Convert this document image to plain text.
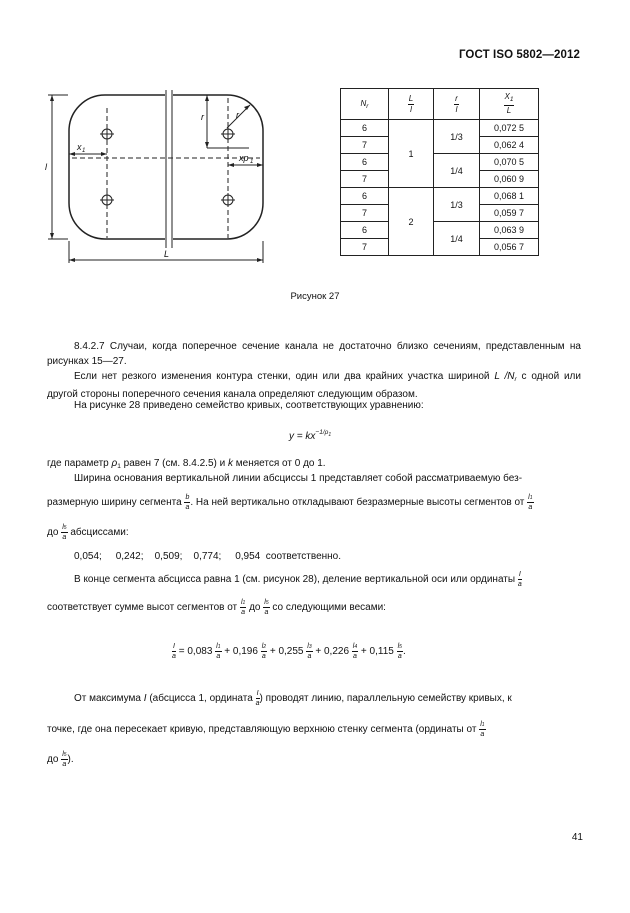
ГОСТ ISO 5802—2012
L
l
x 1
xp 1
r	r
$N_r$	$\frac{L}{l}$	$\frac{r}{l}$	$\frac{X_1}{L}$

6	1	1/3	0,072 5
7			0,062 4
6		1/4	0,070 5
7			0,060 9
6	2	1/3	0,068 1
7			0,059 7
6		1/4	0,063 9
7			0,056 7
Рисунок 27
8.4.2.7 Случаи, когда поперечное сечение канала не достаточно близко сечениям, представленным на рисунках 15—27.
Если нет резкого изменения контура стенки, один или два крайних участка шириной L $/N_r$ с одной или другой стороны поперечного сечения канала определяют следующим образом.
На рисунке 28 приведено семейство кривых, соответствующих уравнению:
$y = kx^{-1/\rho_1}$
где параметр $\rho_1$ равен 7 (см. 8.4.2.5) и k меняется от 0 до 1.
Ширина основания вертикальной линии абсциссы 1 представляет собой рассматриваемую без-
размерную ширину сегмента $\frac{b}{a}$ . На ней вертикально откладывают безразмерные высоты сегментов от $\frac{l1}{a}$
до $\frac{l5}{a}$ абсциссами:
0,054;     0,242;    0,509;    0,774;     0,954  соответственно.
В конце сегмента абсцисса равна 1 (см. рисунок 28), деление вертикальной оси или ординаты $\frac{I}{a}$
соответствует сумме высот сегментов от $\frac{l1}{a}$ до $\frac{l5}{a}$ со следующими весами:
$\frac{I}{a} = 0,083 \frac{l1}{a} + 0,196 \frac{l2}{a} + 0,255 \frac{l3}{a} + 0,226 \frac{l4}{a} + 0,115 \frac{l5}{a}$ .
От максимума I (абсцисса 1, ордината $\frac{I}{a}$ ) проводят линию, параллельную семейству кривых, к
точке, где она пересекает кривую, представляющую верхнюю стенку сегмента (ординаты от $\frac{l1}{a}$
до $\frac{l5}{a}$ ).
41
